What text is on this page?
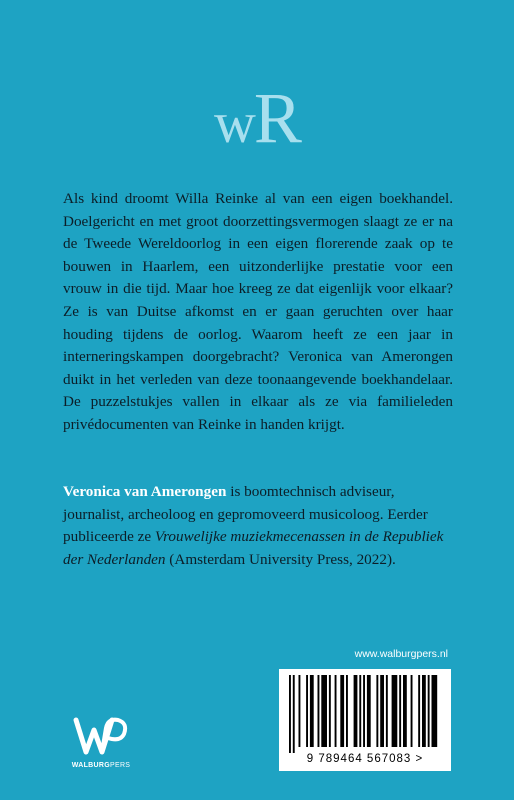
wR

Als kind droomt Willa Reinke al van een eigen boekhandel. Doelgericht en met groot doorzettingsvermogen slaagt ze er na de Tweede Wereldoorlog in een eigen florerende zaak op te bouwen in Haarlem, een uitzonderlijke prestatie voor een vrouw in die tijd. Maar hoe kreeg ze dat eigenlijk voor elkaar? Ze is van Duitse afkomst en er gaan geruchten over haar houding tijdens de oorlog. Waarom heeft ze een jaar in interneringskampen doorgebracht? Veronica van Amerongen duikt in het verleden van deze toonaangevende boekhandelaar. De puzzelstukjes vallen in elkaar als ze via familieleden privédocumenten van Reinke in handen krijgt.

Veronica van Amerongen is boomtechnisch adviseur, journalist, archeoloog en gepromoveerd musicoloog. Eerder publiceerde ze Vrouwelijke muziekmecenassen in de Republiek der Nederlanden (Amsterdam University Press, 2022).

www.walburgpers.nl
9 789464 567083 >
WALBURGPERS
